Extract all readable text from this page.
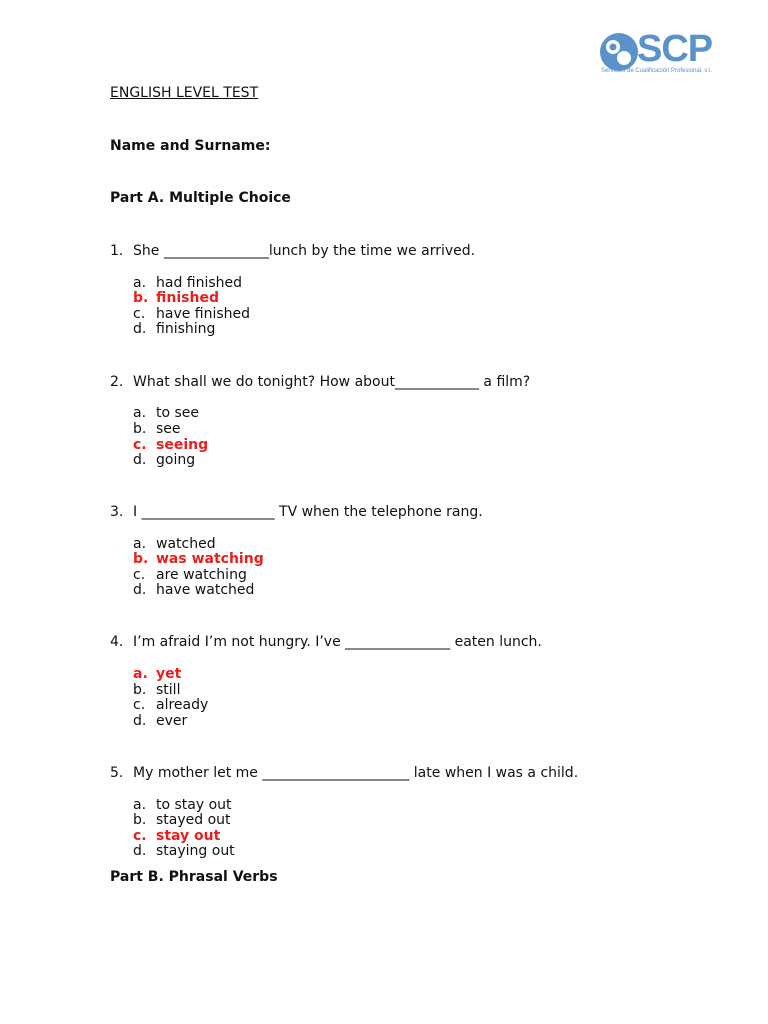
SCP
Servicios de Cualificación Profesional, s.l.
ENGLISH LEVEL TEST
Name and Surname:
Part A. Multiple Choice
1. She _______________lunch by the time we arrived.
a. had finished
b. finished
c. have finished
d. finishing
2. What shall we do tonight? How about____________ a film?
a. to see
b. see
c. seeing
d. going
3. I ___________________ TV when the telephone rang.
a. watched
b. was watching
c. are watching
d. have watched
4. I’m afraid I’m not hungry. I’ve _______________ eaten lunch.
a. yet
b. still
c. already
d. ever
5. My mother let me _____________________ late when I was a child.
a. to stay out
b. stayed out
c. stay out
d. staying out
Part B. Phrasal Verbs
